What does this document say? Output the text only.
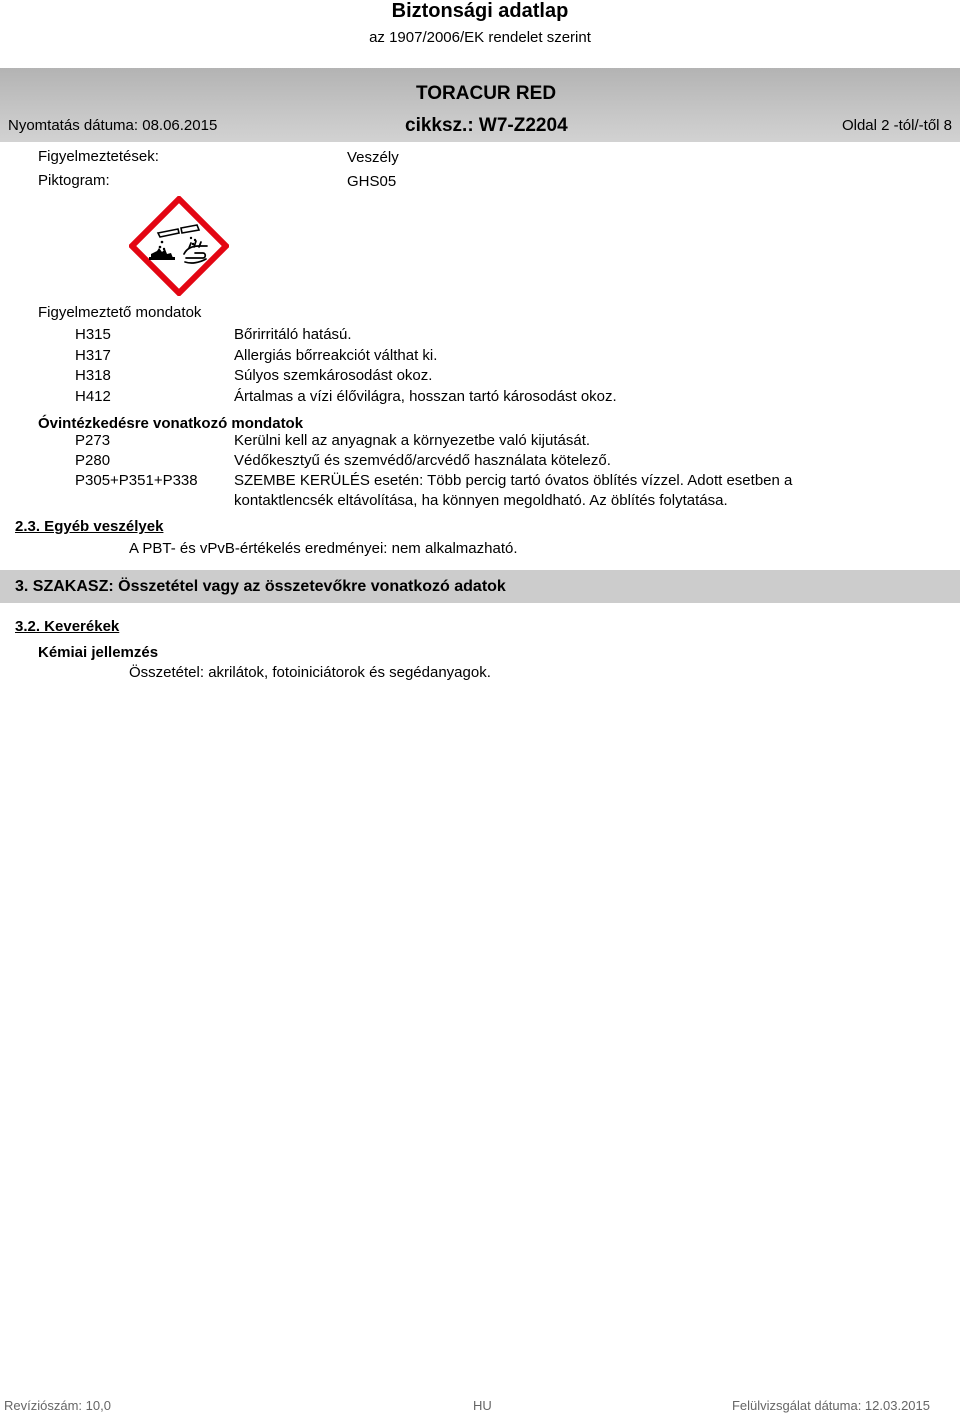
Biztonsági adatlap
az 1907/2006/EK rendelet szerint
TORACUR RED
Nyomtatás dátuma: 08.06.2015	cikksz.: W7-Z2204	Oldal 2 -tól/-től 8
Figyelmeztetések:	Veszély
Piktogram:	GHS05
Figyelmeztető mondatok
H315	Bőrirritáló hatású.
H317	Allergiás bőrreakciót válthat ki.
H318	Súlyos szemkárosodást okoz.
H412	Ártalmas a vízi élővilágra, hosszan tartó károsodást okoz.
Óvintézkedésre vonatkozó mondatok
P273	Kerülni kell az anyagnak a környezetbe való kijutását.
P280	Védőkesztyű és szemvédő/arcvédő használata kötelező.
P305+P351+P338 SZEMBE KERÜLÉS esetén: Több percig tartó óvatos öblítés vízzel. Adott esetben a
kontaktlencsék eltávolítása, ha könnyen megoldható. Az öblítés folytatása.
2.3. Egyéb veszélyek
A PBT- és vPvB-értékelés eredményei: nem alkalmazható.
3. SZAKASZ: Összetétel vagy az összetevőkre vonatkozó adatok
3.2. Keverékek
Kémiai jellemzés
Összetétel: akrilátok, fotoiniciátorok és segédanyagok.
Revíziószám: 10,0	HU	Felülvizsgálat dátuma: 12.03.2015
